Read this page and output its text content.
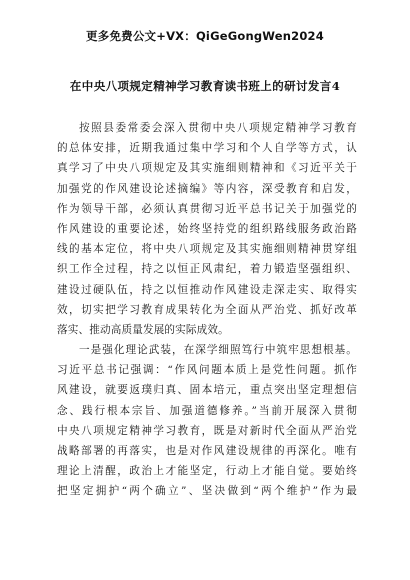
更多免费公文+VX：QiGeGongWen2024
在中央八项规定精神学习教育读书班上的研讨发言4
按照县委常委会深入贯彻中央八项规定精神学习教育
的总体安排，近期我通过集中学习和个人自学等方式，认
真学习了中央八项规定及其实施细则精神和《习近平关于
加强党的作风建设论述摘编》等内容，深受教育和启发，
作为领导干部，必须认真贯彻习近平总书记关于加强党的
作风建设的重要论述，始终坚持党的组织路线服务政治路
线的基本定位，将中央八项规定及其实施细则精神贯穿组
织工作全过程，持之以恒正风肃纪，着力锻造坚强组织、
建设过硬队伍，持之以恒推动作风建设走深走实、取得实
效，切实把学习教育成果转化为全面从严治党、抓好改革
落实、推动高质量发展的实际成效。
一是强化理论武装，在深学细照笃行中筑牢思想根基。
习近平总书记强调：“作风问题本质上是党性问题。抓作
风建设，就要返璞归真、固本培元，重点突出坚定理想信
念、践行根本宗旨、加强道德修养。”当前开展深入贯彻
中央八项规定精神学习教育，既是对新时代全面从严治党
战略部署的再落实，也是对作风建设规律的再深化。唯有
理论上清醒，政治上才能坚定，行动上才能自觉。要始终
把坚定拥护“两个确立”、坚决做到“两个维护”作为最
